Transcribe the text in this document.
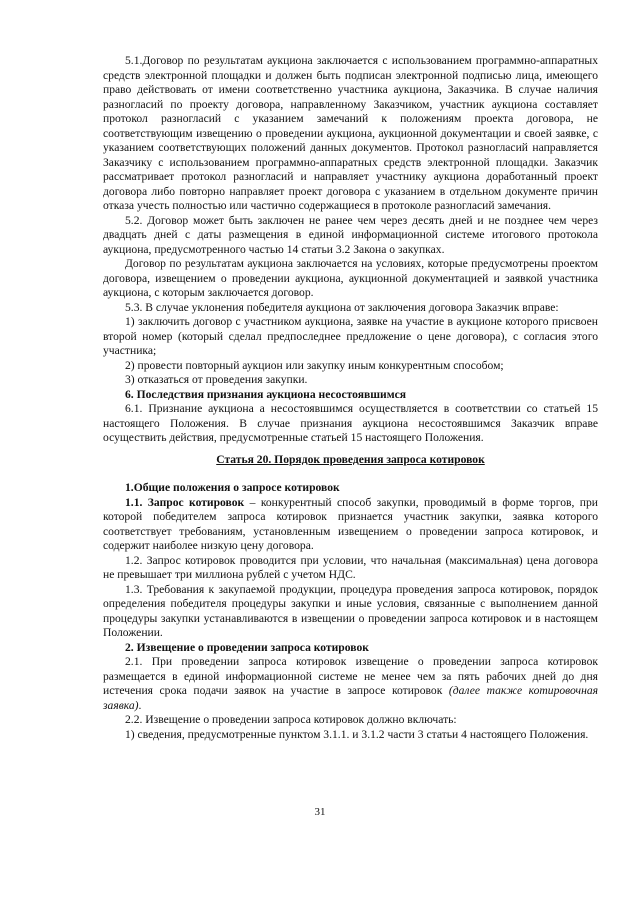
5.1.Договор по результатам аукциона заключается с использованием программно-аппаратных средств электронной площадки и должен быть подписан электронной подписью лица, имеющего право действовать от имени соответственно участника аукциона, Заказчика. В случае наличия разногласий по проекту договора, направленному Заказчиком, участник аукциона составляет протокол разногласий с указанием замечаний к положениям проекта договора, не соответствующим извещению о проведении аукциона, аукционной документации и своей заявке, с указанием соответствующих положений данных документов. Протокол разногласий направляется Заказчику с использованием программно-аппаратных средств электронной площадки. Заказчик рассматривает протокол разногласий и направляет участнику аукциона доработанный проект договора либо повторно направляет проект договора с указанием в отдельном документе причин отказа учесть полностью или частично содержащиеся в протоколе разногласий замечания.

5.2. Договор может быть заключен не ранее чем через десять дней и не позднее чем через двадцать дней с даты размещения в единой информационной системе итогового протокола аукциона, предусмотренного частью 14 статьи 3.2 Закона о закупках.

Договор по результатам аукциона заключается на условиях, которые предусмотрены проектом договора, извещением о проведении аукциона, аукционной документацией и заявкой участника аукциона, с которым заключается договор.

5.3. В случае уклонения победителя аукциона от заключения договора Заказчик вправе:

1) заключить договор с участником аукциона, заявке на участие в аукционе которого присвоен второй номер (который сделал предпоследнее предложение о цене договора), с согласия этого участника;

2) провести повторный аукцион или закупку иным конкурентным способом;

3) отказаться от проведения закупки.

6. Последствия признания аукциона несостоявшимся

6.1. Признание аукциона а несостоявшимся осуществляется в соответствии со статьей 15 настоящего Положения. В случае признания аукциона несостоявшимся Заказчик вправе осуществить действия, предусмотренные статьей 15 настоящего Положения.

Статья 20. Порядок проведения запроса котировок

1.Общие положения о запросе котировок

1.1. Запрос котировок – конкурентный способ закупки, проводимый в форме торгов, при которой победителем запроса котировок признается участник закупки, заявка которого соответствует требованиям, установленным извещением о проведении запроса котировок, и содержит наиболее низкую цену договора.

1.2. Запрос котировок проводится при условии, что начальная (максимальная) цена договора не превышает три миллиона рублей с учетом НДС.

1.3. Требования к закупаемой продукции, процедура проведения запроса котировок, порядок определения победителя процедуры закупки и иные условия, связанные с выполнением данной процедуры закупки устанавливаются в извещении о проведении запроса котировок и в настоящем Положении.

2. Извещение о проведении запроса котировок

2.1. При проведении запроса котировок извещение о проведении запроса котировок размещается в единой информационной системе не менее чем за пять рабочих дней до дня истечения срока подачи заявок на участие в запросе котировок (далее также котировочная заявка).

2.2. Извещение о проведении запроса котировок должно включать:

1) сведения, предусмотренные пунктом 3.1.1. и 3.1.2 части 3 статьи 4 настоящего Положения.

31
